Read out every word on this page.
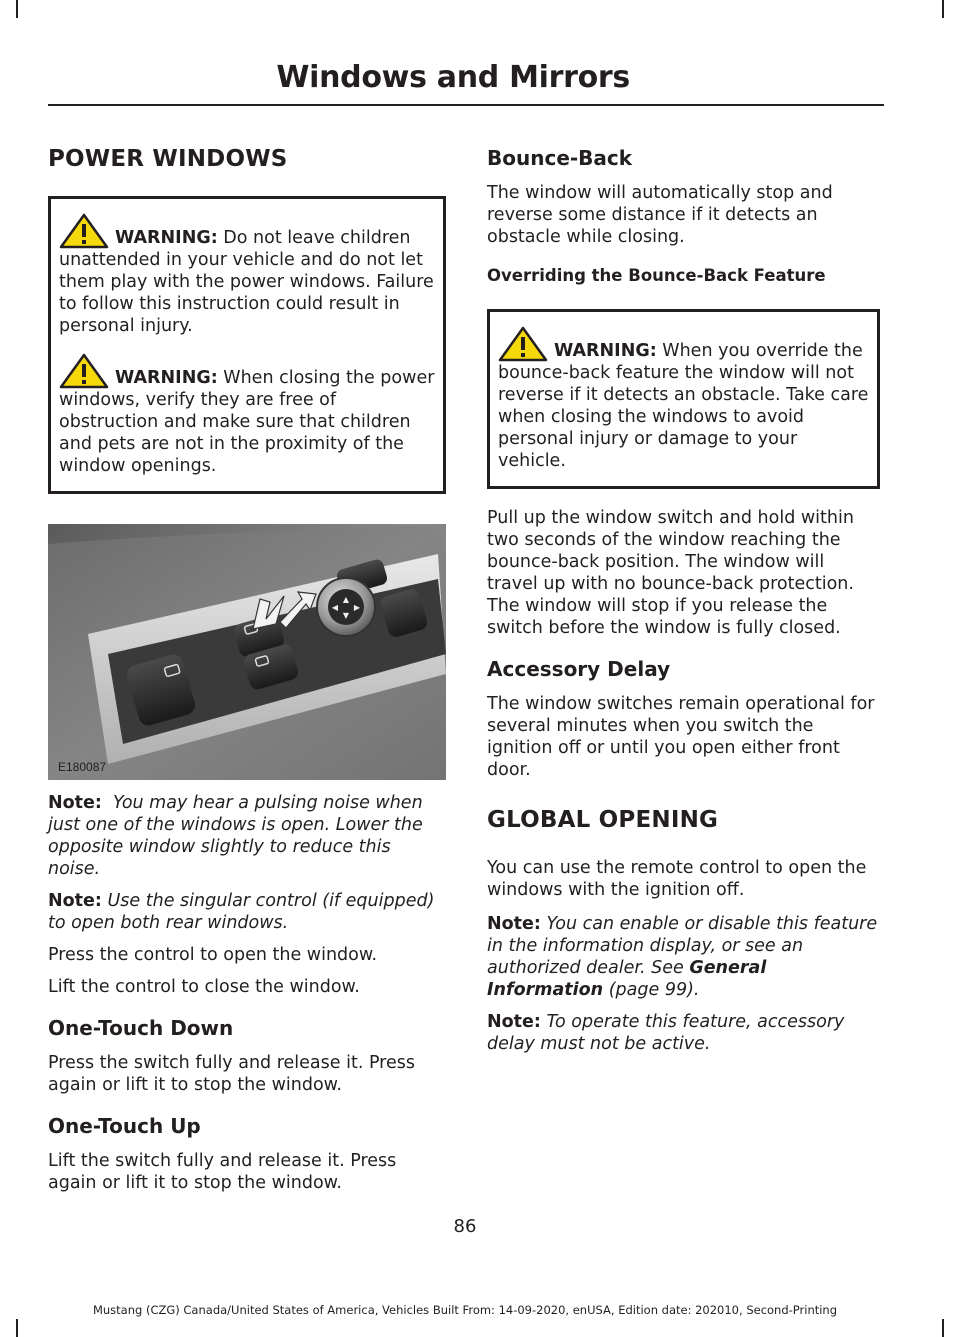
Windows and Mirrors
POWER WINDOWS

WARNING: Do not leave children unattended in your vehicle and do not let them play with the power windows. Failure to follow this instruction could result in personal injury.

WARNING: When closing the power windows, verify they are free of obstruction and make sure that children and pets are not in the proximity of the window openings.

▲
▼
◀ ▶
E180087

Note: You may hear a pulsing noise when just one of the windows is open. Lower the opposite window slightly to reduce this noise.

Note: Use the singular control (if equipped) to open both rear windows.

Press the control to open the window.

Lift the control to close the window.

One-Touch Down

Press the switch fully and release it. Press again or lift it to stop the window.

One-Touch Up

Lift the switch fully and release it. Press again or lift it to stop the window.

Bounce-Back

The window will automatically stop and reverse some distance if it detects an obstacle while closing.

Overriding the Bounce-Back Feature

WARNING: When you override the bounce-back feature the window will not reverse if it detects an obstacle. Take care when closing the windows to avoid personal injury or damage to your vehicle.

Pull up the window switch and hold within two seconds of the window reaching the bounce-back position. The window will travel up with no bounce-back protection. The window will stop if you release the switch before the window is fully closed.

Accessory Delay

The window switches remain operational for several minutes when you switch the ignition off or until you open either front door.

GLOBAL OPENING

You can use the remote control to open the windows with the ignition off.

Note: You can enable or disable this feature in the information display, or see an authorized dealer. See General Information (page 99).

Note: To operate this feature, accessory delay must not be active.

86
Mustang (CZG) Canada/United States of America, Vehicles Built From: 14-09-2020, enUSA, Edition date: 202010, Second-Printing
